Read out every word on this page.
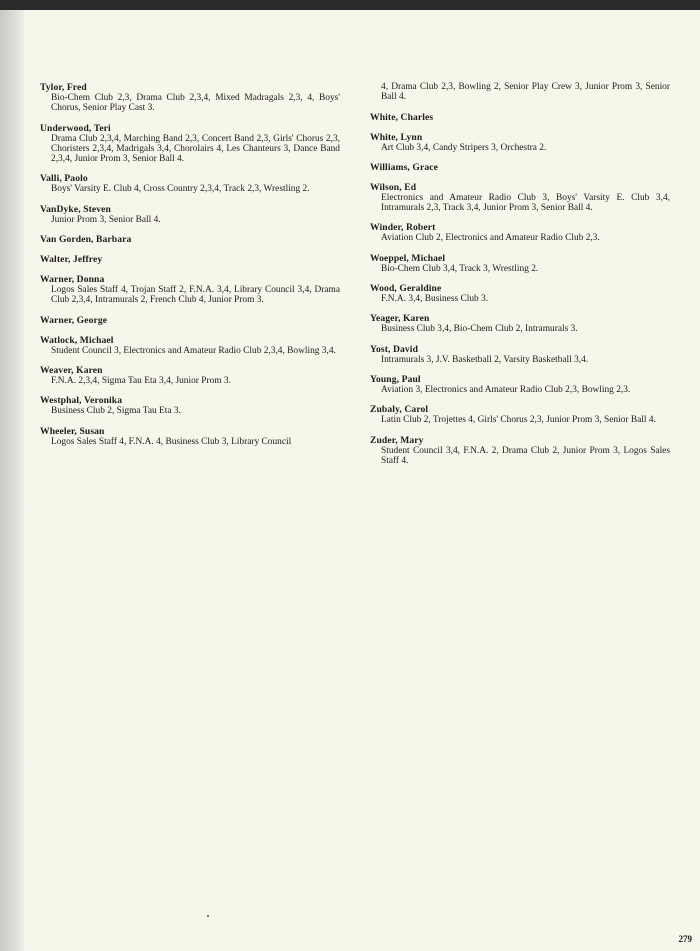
Tylor, Fred
Bio-Chem Club 2,3, Drama Club 2,3,4, Mixed Madragals 2,3, 4, Boys' Chorus, Senior Play Cast 3.
Underwood, Teri
Drama Club 2,3,4, Marching Band 2,3, Concert Band 2,3, Girls' Chorus 2,3, Choristers 2,3,4, Madrigals 3,4, Chorolairs 4, Les Chanteurs 3, Dance Band 2,3,4, Junior Prom 3, Senior Ball 4.
Valli, Paolo
Boys' Varsity E. Club 4, Cross Country 2,3,4, Track 2,3, Wrestling 2.
VanDyke, Steven
Junior Prom 3, Senior Ball 4.
Van Gorden, Barbara
Walter, Jeffrey
Warner, Donna
Logos Sales Staff 4, Trojan Staff 2, F.N.A. 3,4, Library Council 3,4, Drama Club 2,3,4, Intramurals 2, French Club 4, Junior Prom 3.
Warner, George
Watlock, Michael
Student Council 3, Electronics and Amateur Radio Club 2,3,4, Bowling 3,4.
Weaver, Karen
F.N.A. 2,3,4, Sigma Tau Eta 3,4, Junior Prom 3.
Westphal, Veronika
Business Club 2, Sigma Tau Eta 3.
Wheeler, Susan
Logos Sales Staff 4, F.N.A. 4, Business Club 3, Library Council
4, Drama Club 2,3, Bowling 2, Senior Play Crew 3, Junior Prom 3, Senior Ball 4.
White, Charles
White, Lynn
Art Club 3,4, Candy Stripers 3, Orchestra 2.
Williams, Grace
Wilson, Ed
Electronics and Amateur Radio Club 3, Boys' Varsity E. Club 3,4, Intramurals 2,3, Track 3,4, Junior Prom 3, Senior Ball 4.
Winder, Robert
Aviation Club 2, Electronics and Amateur Radio Club 2,3.
Woeppel, Michael
Bio-Chem Club 3,4, Track 3, Wrestling 2.
Wood, Geraldine
F.N.A. 3,4, Business Club 3.
Yeager, Karen
Business Club 3,4, Bio-Chem Club 2, Intramurals 3.
Yost, David
Intramurals 3, J.V. Basketball 2, Varsity Basketball 3,4.
Young, Paul
Aviation 3, Electronics and Amateur Radio Club 2,3, Bowling 2,3.
Zubaly, Carol
Latin Club 2, Trojettes 4, Girls' Chorus 2,3, Junior Prom 3, Senior Ball 4.
Zuder, Mary
Student Council 3,4, F.N.A. 2, Drama Club 2, Junior Prom 3, Logos Sales Staff 4.
279
